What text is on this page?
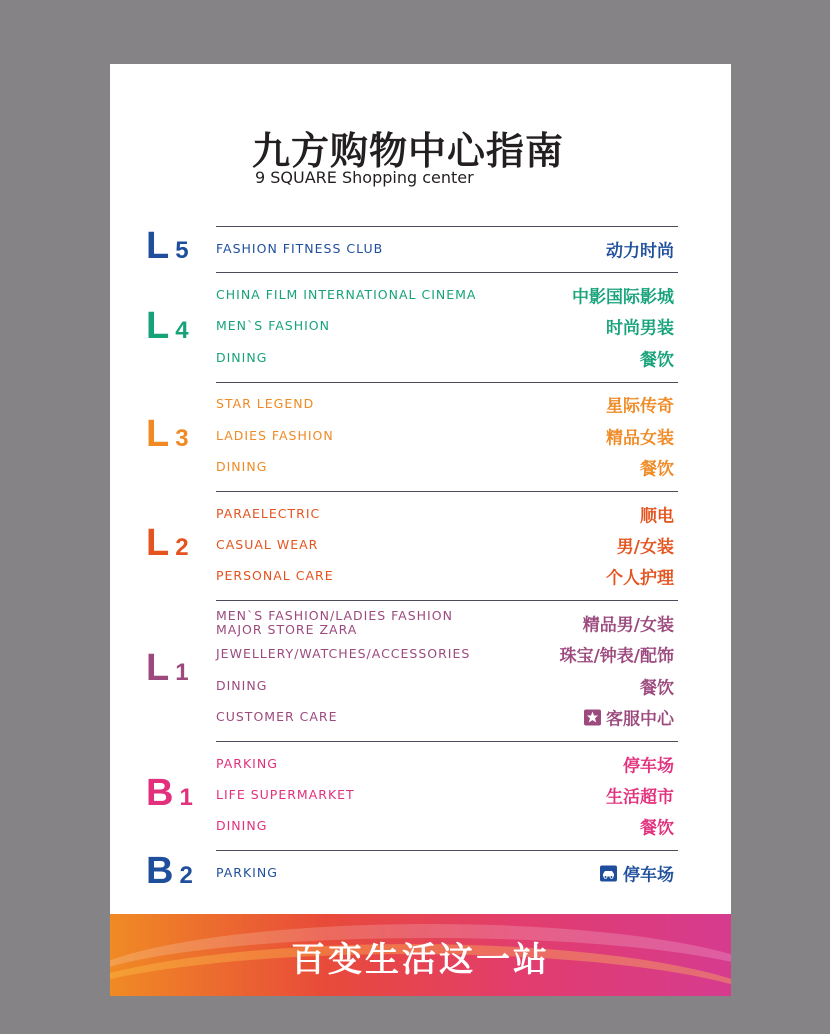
九方购物中心指南
9 SQUARE Shopping center
L 5 FASHION FITNESS CLUB	动力时尚
L 4
CHINA FILM INTERNATIONAL CINEMA	中影国际影城
MEN`S FASHION	时尚男装
DINING	餐饮
L 3
STAR LEGEND	星际传奇
LADIES FASHION	精品女装
DINING	餐饮
L 2
PARAELECTRIC	顺电
CASUAL WEAR	男/女装
PERSONAL CARE	个人护理
L 1
MEN`S FASHION/LADIES FASHION
MAJOR STORE ZARA	精品男/女装
JEWELLERY/WATCHES/ACCESSORIES	珠宝/钟表/配饰
DINING	餐饮
CUSTOMER CARE	客服中心
B 1
PARKING	停车场
LIFE SUPERMARKET	生活超市
DINING	餐饮
B 2 PARKING	停车场
百变生活这一站
